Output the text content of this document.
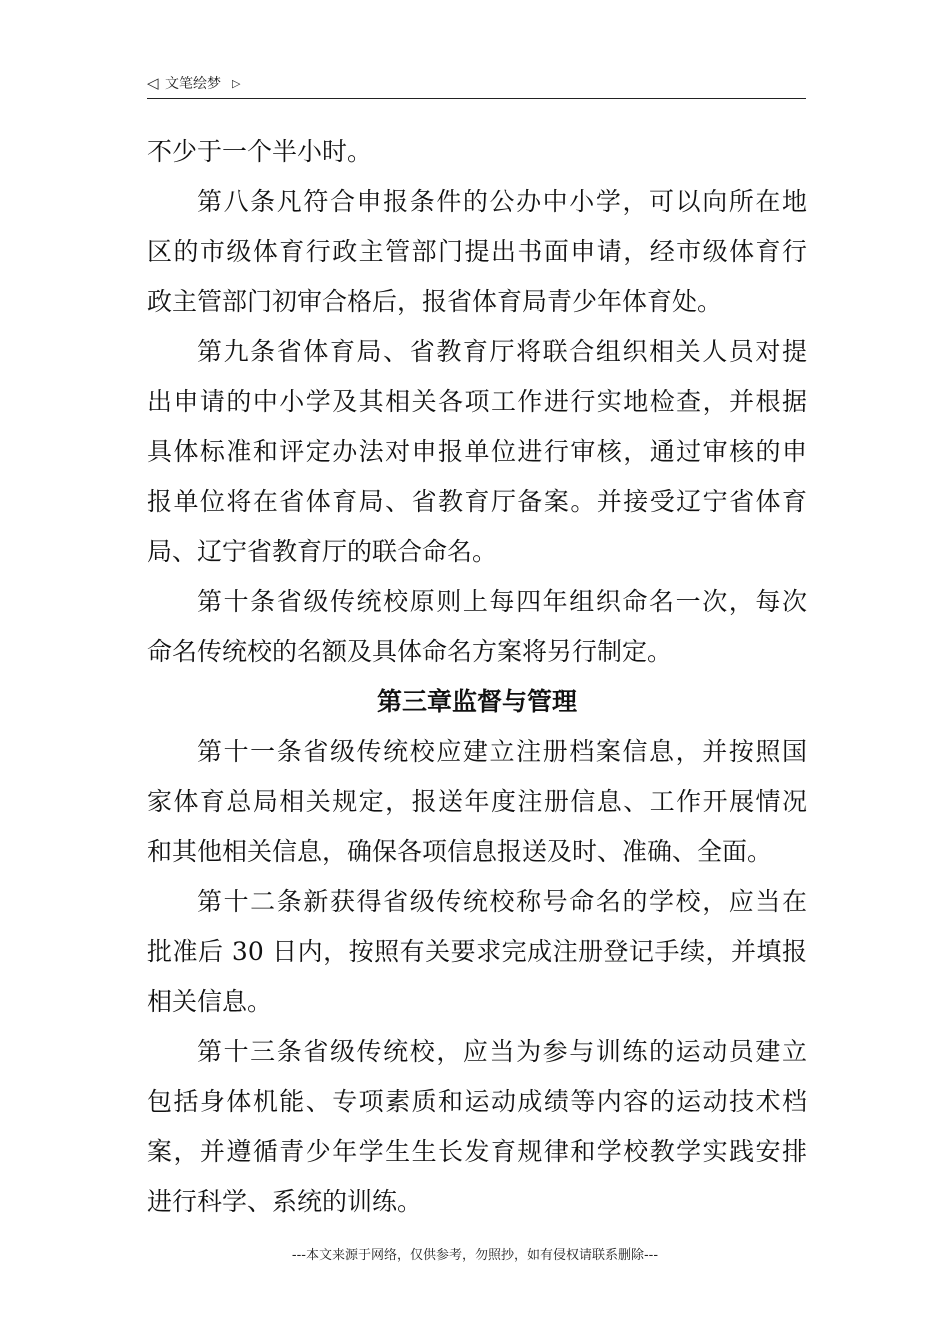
◁ 文笔绘梦 ▷
不少于一个半小时。
第八条凡符合申报条件的公办中小学，可以向所在地
区的市级体育行政主管部门提出书面申请，经市级体育行
政主管部门初审合格后，报省体育局青少年体育处。
第九条省体育局、省教育厅将联合组织相关人员对提
出申请的中小学及其相关各项工作进行实地检查，并根据
具体标准和评定办法对申报单位进行审核，通过审核的申
报单位将在省体育局、省教育厅备案。并接受辽宁省体育
局、辽宁省教育厅的联合命名。
第十条省级传统校原则上每四年组织命名一次，每次
命名传统校的名额及具体命名方案将另行制定。
第三章监督与管理
第十一条省级传统校应建立注册档案信息，并按照国
家体育总局相关规定，报送年度注册信息、工作开展情况
和其他相关信息，确保各项信息报送及时、准确、全面。
第十二条新获得省级传统校称号命名的学校，应当在
批准后 30 日内，按照有关要求完成注册登记手续，并填报
相关信息。
第十三条省级传统校，应当为参与训练的运动员建立
包括身体机能、专项素质和运动成绩等内容的运动技术档
案，并遵循青少年学生生长发育规律和学校教学实践安排
进行科学、系统的训练。
---本文来源于网络，仅供参考，勿照抄，如有侵权请联系删除---
